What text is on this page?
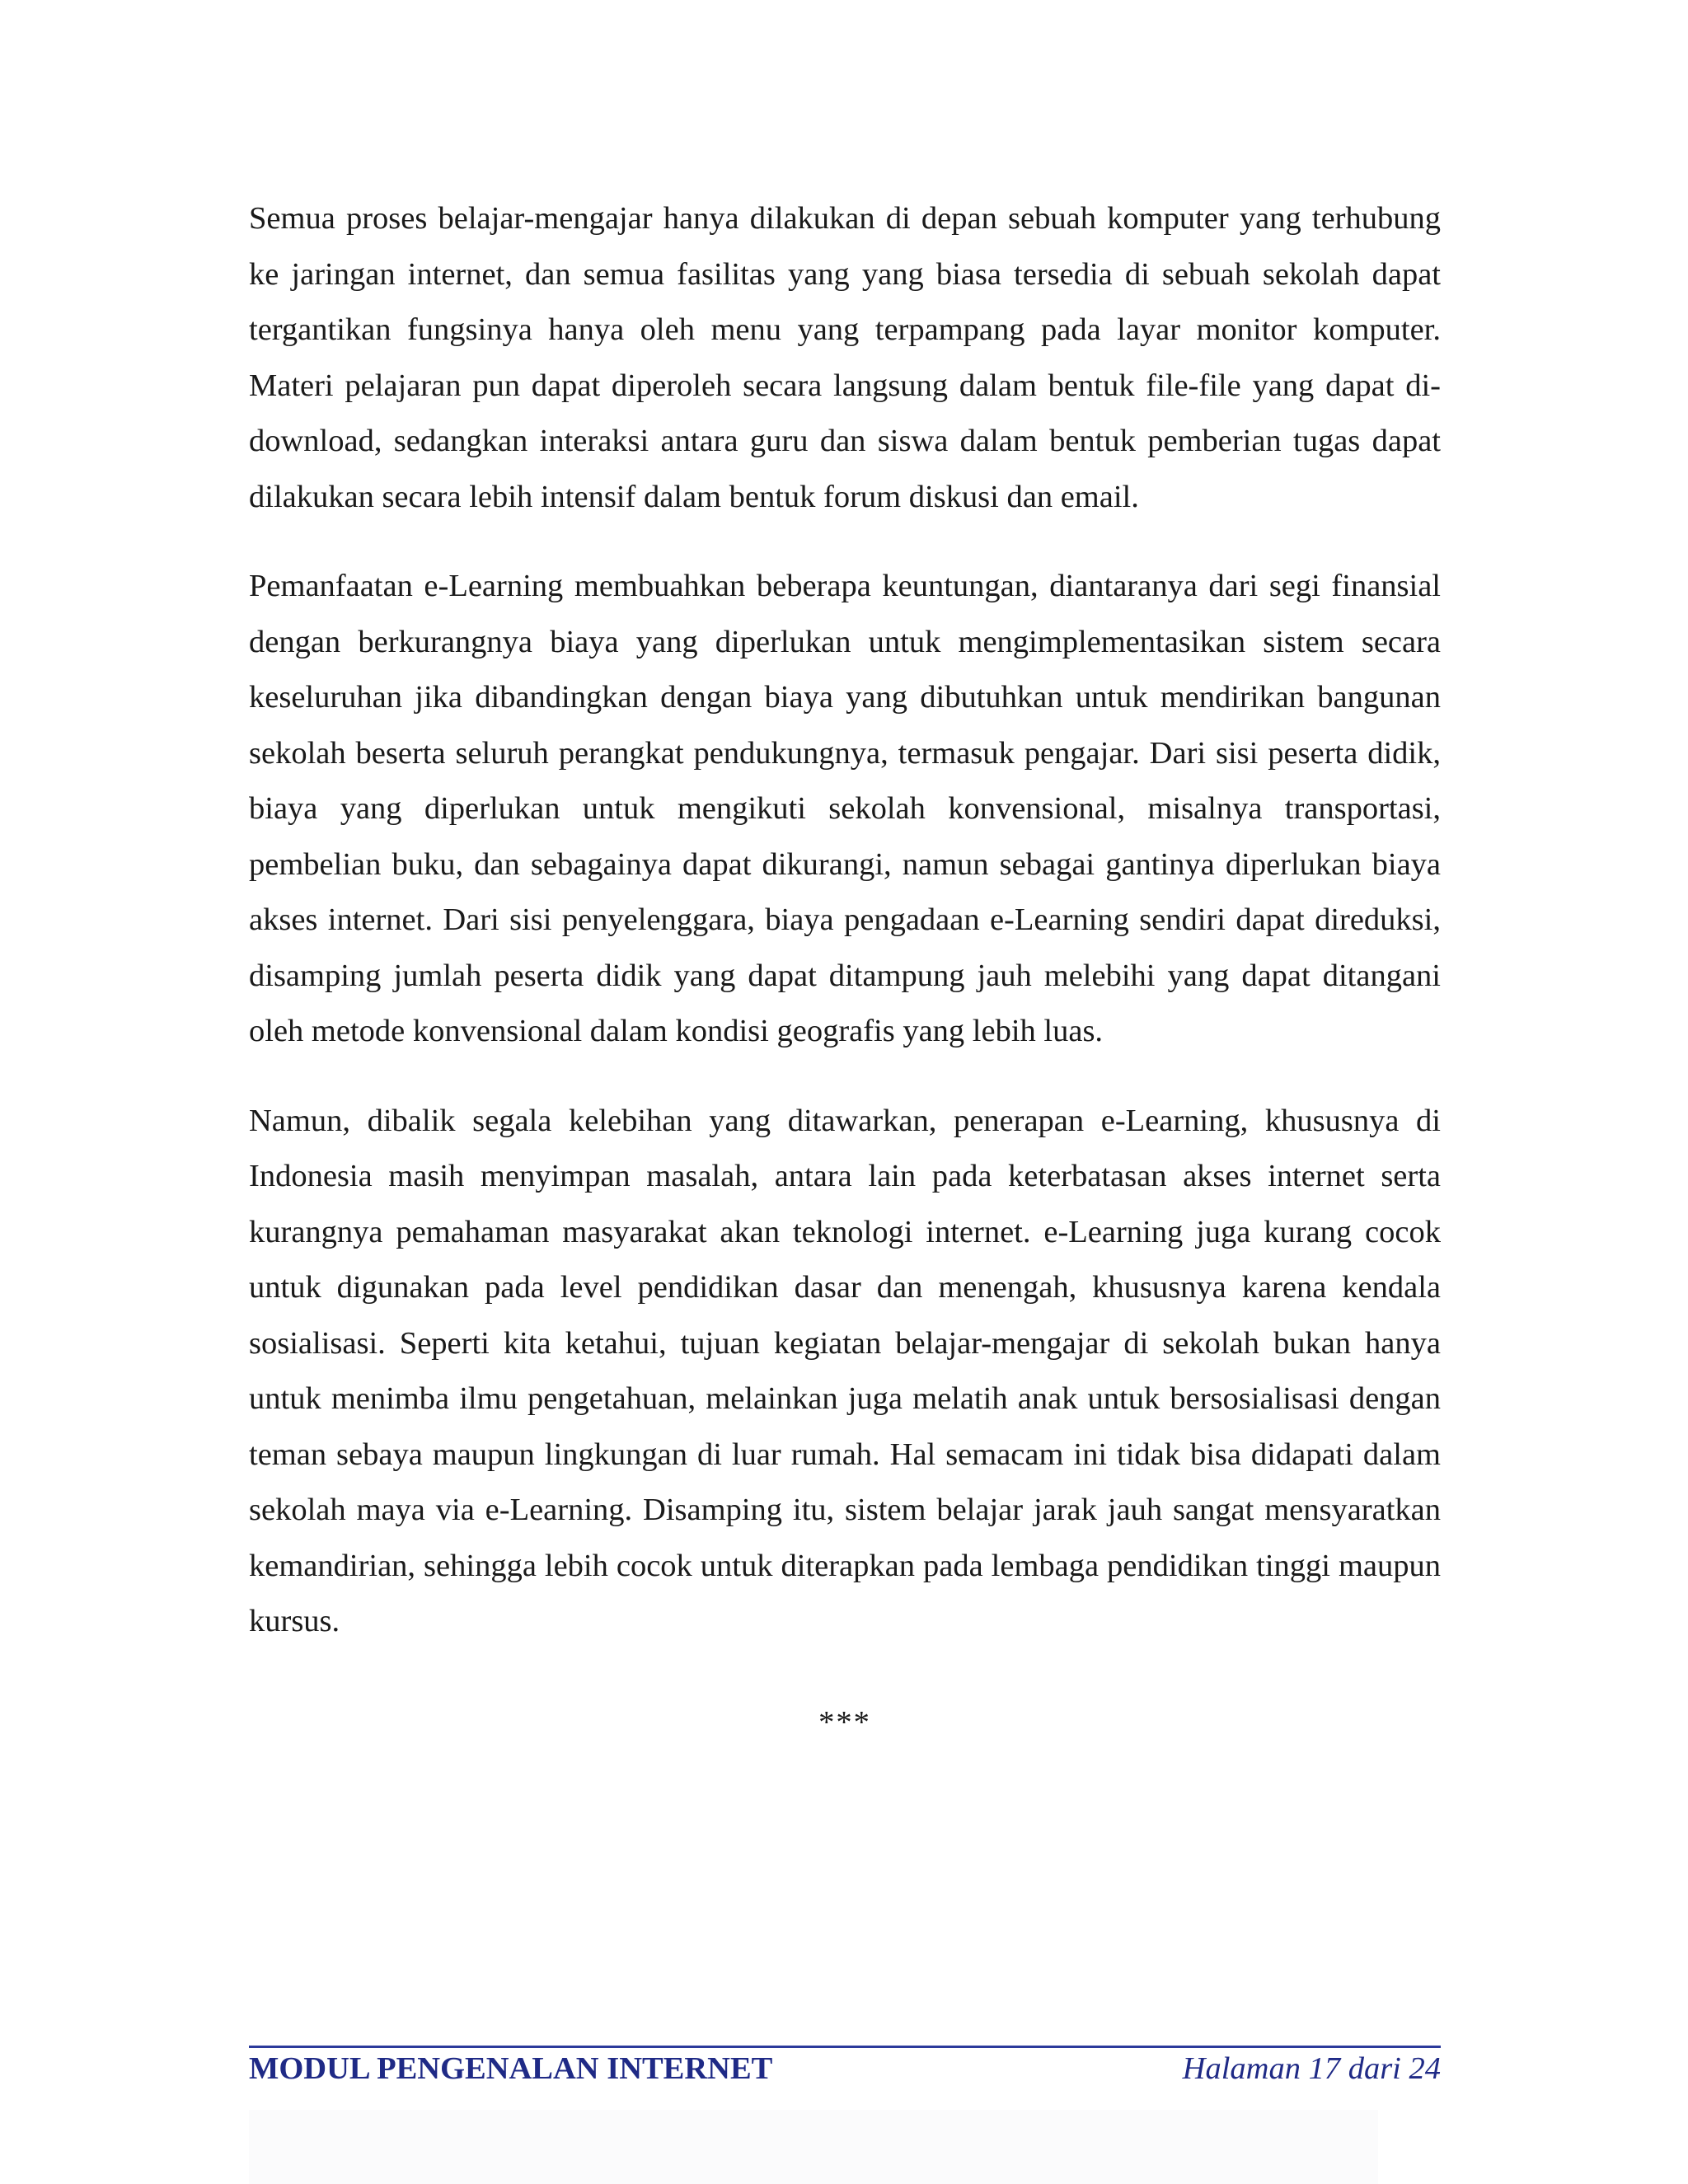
Semua proses belajar-mengajar hanya dilakukan di depan sebuah komputer yang terhubung ke jaringan internet, dan semua fasilitas yang yang biasa tersedia di sebuah sekolah dapat tergantikan fungsinya hanya oleh menu yang terpampang pada layar monitor komputer. Materi pelajaran pun dapat diperoleh secara langsung dalam bentuk file-file yang dapat di-download, sedangkan interaksi antara guru dan siswa dalam bentuk pemberian tugas dapat dilakukan secara lebih intensif dalam bentuk forum diskusi dan email.

Pemanfaatan e-Learning membuahkan beberapa keuntungan, diantaranya dari segi finansial dengan berkurangnya biaya yang diperlukan untuk mengimplementasikan sistem secara keseluruhan jika dibandingkan dengan biaya yang dibutuhkan untuk mendirikan bangunan sekolah beserta seluruh perangkat pendukungnya, termasuk pengajar. Dari sisi peserta didik, biaya yang diperlukan untuk mengikuti sekolah konvensional, misalnya transportasi, pembelian buku, dan sebagainya dapat dikurangi, namun sebagai gantinya diperlukan biaya akses internet. Dari sisi penyelenggara, biaya pengadaan e-Learning sendiri dapat direduksi, disamping jumlah peserta didik yang dapat ditampung jauh melebihi yang dapat ditangani oleh metode konvensional dalam kondisi geografis yang lebih luas.

Namun, dibalik segala kelebihan yang ditawarkan, penerapan e-Learning, khususnya di Indonesia masih menyimpan masalah, antara lain pada keterbatasan akses internet serta kurangnya pemahaman masyarakat akan teknologi internet. e-Learning juga kurang cocok untuk digunakan pada level pendidikan dasar dan menengah, khususnya karena kendala sosialisasi. Seperti kita ketahui, tujuan kegiatan belajar-mengajar di sekolah bukan hanya untuk menimba ilmu pengetahuan, melainkan juga melatih anak untuk bersosialisasi dengan teman sebaya maupun lingkungan di luar rumah. Hal semacam ini tidak bisa didapati dalam sekolah maya via e-Learning. Disamping itu, sistem belajar jarak jauh sangat mensyaratkan kemandirian, sehingga lebih cocok untuk diterapkan pada lembaga pendidikan tinggi maupun kursus.

***
MODUL PENGENALAN INTERNET	Halaman 17 dari 24
